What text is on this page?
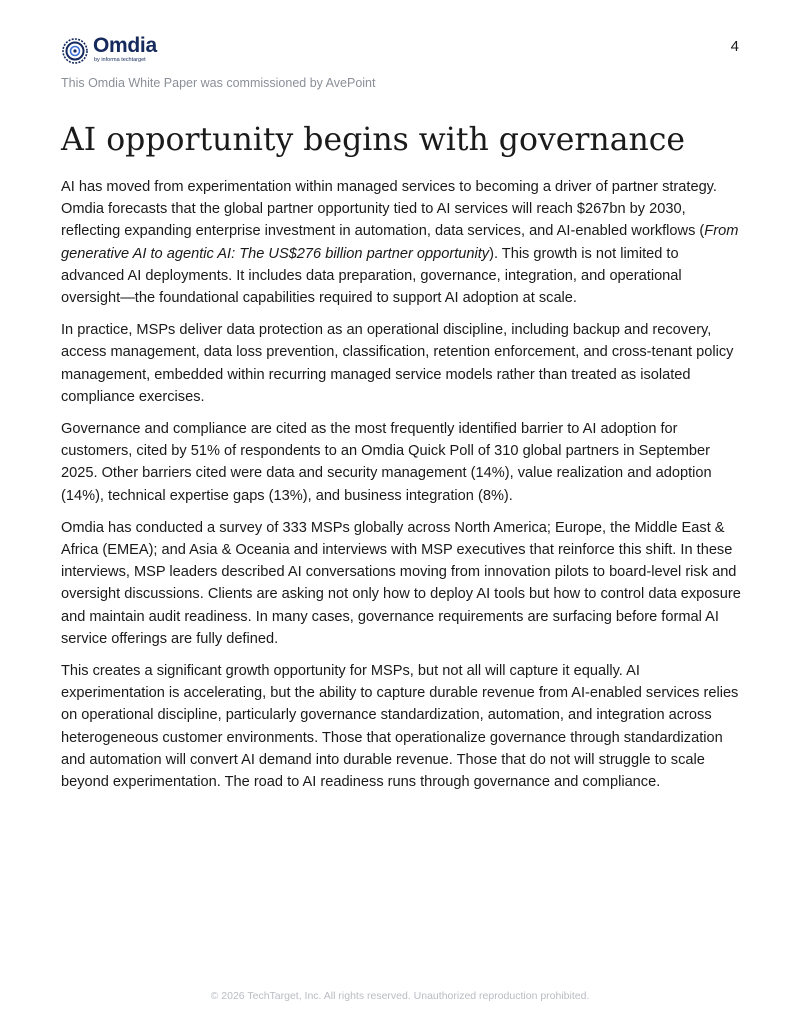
Omdia
by informa techtarget
4
This Omdia White Paper was commissioned by AvePoint
AI opportunity begins with governance

AI has moved from experimentation within managed services to becoming a driver of partner strategy. Omdia forecasts that the global partner opportunity tied to AI services will reach $267bn by 2030, reflecting expanding enterprise investment in automation, data services, and AI-enabled workflows (From generative AI to agentic AI: The US$276 billion partner opportunity). This growth is not limited to advanced AI deployments. It includes data preparation, governance, integration, and operational oversight—the foundational capabilities required to support AI adoption at scale.

In practice, MSPs deliver data protection as an operational discipline, including backup and recovery, access management, data loss prevention, classification, retention enforcement, and cross-tenant policy management, embedded within recurring managed service models rather than treated as isolated compliance exercises.

Governance and compliance are cited as the most frequently identified barrier to AI adoption for customers, cited by 51% of respondents to an Omdia Quick Poll of 310 global partners in September 2025. Other barriers cited were data and security management (14%), value realization and adoption (14%), technical expertise gaps (13%), and business integration (8%).

Omdia has conducted a survey of 333 MSPs globally across North America; Europe, the Middle East & Africa (EMEA); and Asia & Oceania and interviews with MSP executives that reinforce this shift. In these interviews, MSP leaders described AI conversations moving from innovation pilots to board-level risk and oversight discussions. Clients are asking not only how to deploy AI tools but how to control data exposure and maintain audit readiness. In many cases, governance requirements are surfacing before formal AI service offerings are fully defined.

This creates a significant growth opportunity for MSPs, but not all will capture it equally. AI experimentation is accelerating, but the ability to capture durable revenue from AI-enabled services relies on operational discipline, particularly governance standardization, automation, and integration across heterogeneous customer environments. Those that operationalize governance through standardization and automation will convert AI demand into durable revenue. Those that do not will struggle to scale beyond experimentation. The road to AI readiness runs through governance and compliance.

© 2026 TechTarget, Inc. All rights reserved. Unauthorized reproduction prohibited.
